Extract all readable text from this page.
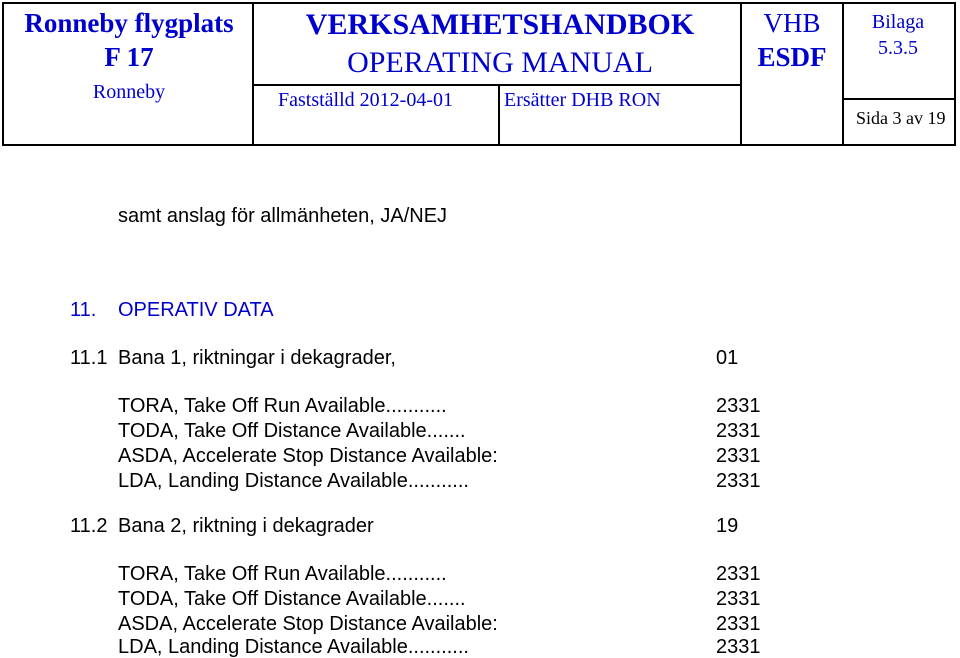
Ronneby flygplats
F 17
Ronneby
VERKSAMHETSHANDBOK
OPERATING MANUAL
Fastställd 2012-04-01	Ersätter DHB RON
VHB
ESDF
Bilaga
5.3.5
Sida 3 av 19
samt anslag för allmänheten, JA/NEJ
11. OPERATIV DATA
11.1 Bana 1, riktningar i dekagrader,	01
TORA, Take Off Run Available...........	2331
TODA, Take Off Distance Available.......	2331
ASDA, Accelerate Stop Distance Available:	2331
LDA, Landing Distance Available...........	2331
11.2 Bana 2, riktning i dekagrader	19
TORA, Take Off Run Available...........	2331
TODA, Take Off Distance Available.......	2331
ASDA, Accelerate Stop Distance Available:	2331
LDA, Landing Distance Available...........	2331
